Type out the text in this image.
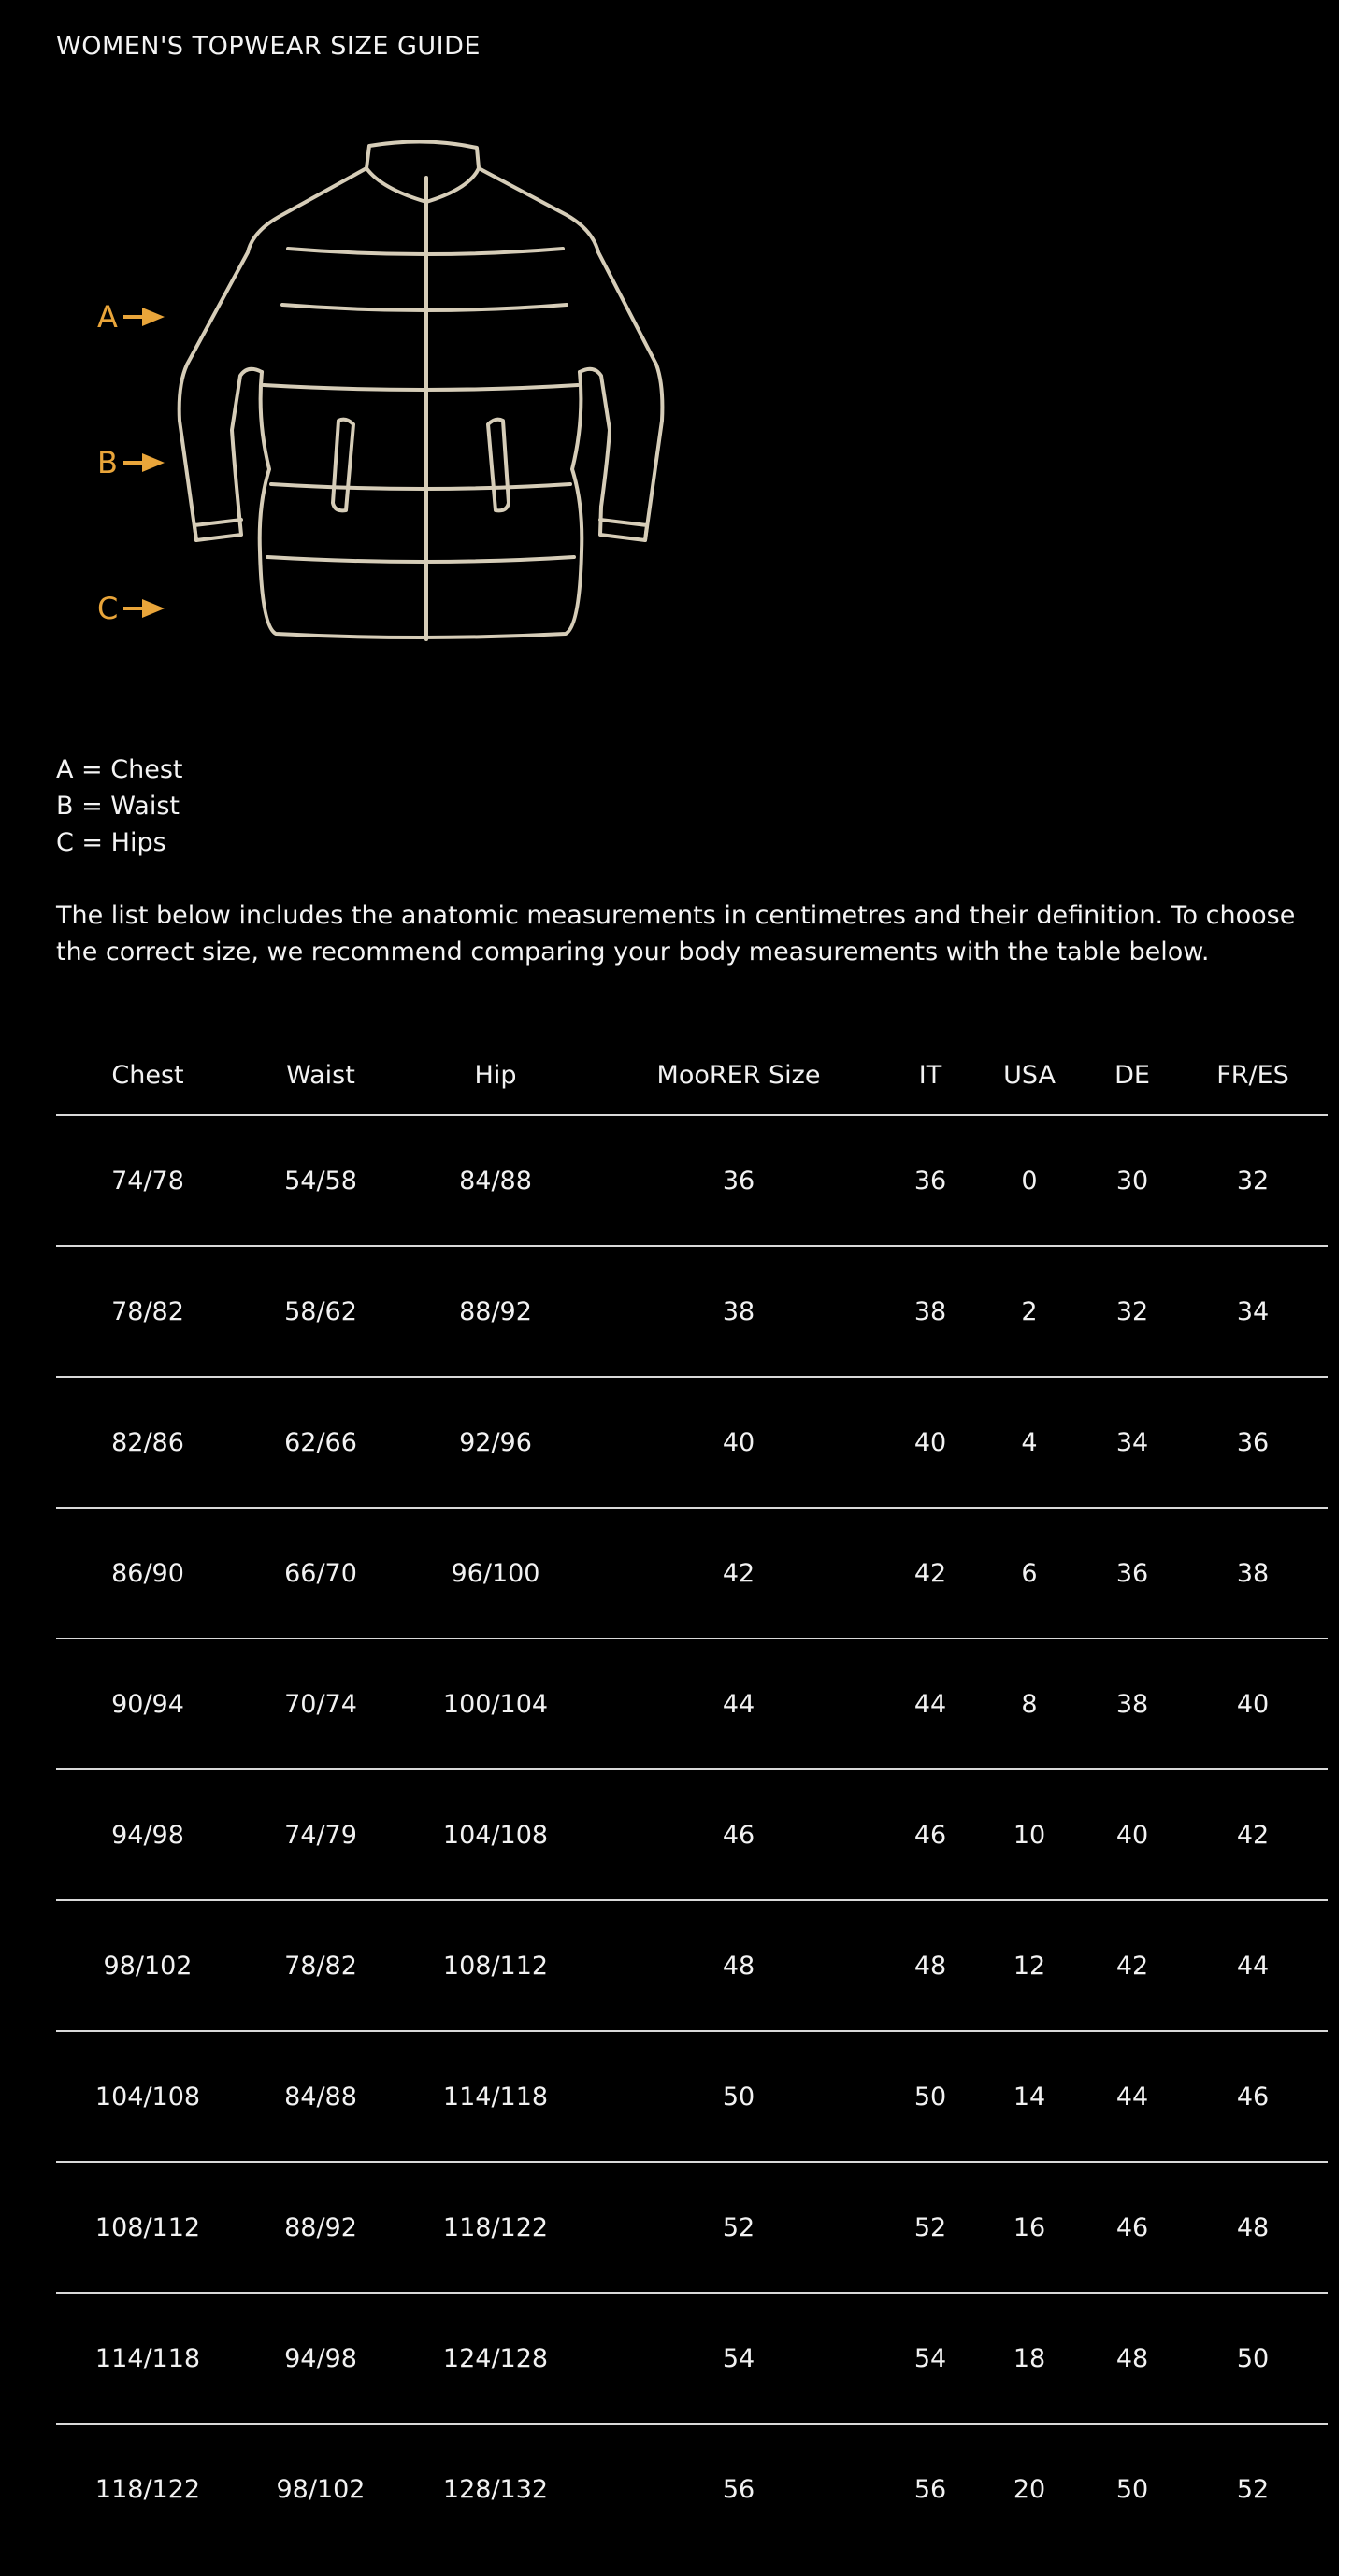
WOMEN'S TOPWEAR SIZE GUIDE
A
B
C
A = Chest
B = Waist
C = Hips
The list below includes the anatomic measurements in centimetres and their definition. To choose the correct size, we recommend comparing your body measurements with the table below.
Chest	Waist	Hip	MooRER Size	IT	USA	DE	FR/ES
74/78	54/58	84/88	36	36	0	30	32
78/82	58/62	88/92	38	38	2	32	34
82/86	62/66	92/96	40	40	4	34	36
86/90	66/70	96/100	42	42	6	36	38
90/94	70/74	100/104	44	44	8	38	40
94/98	74/79	104/108	46	46	10	40	42
98/102	78/82	108/112	48	48	12	42	44
104/108	84/88	114/118	50	50	14	44	46
108/112	88/92	118/122	52	52	16	46	48
114/118	94/98	124/128	54	54	18	48	50
118/122	98/102	128/132	56	56	20	50	52
